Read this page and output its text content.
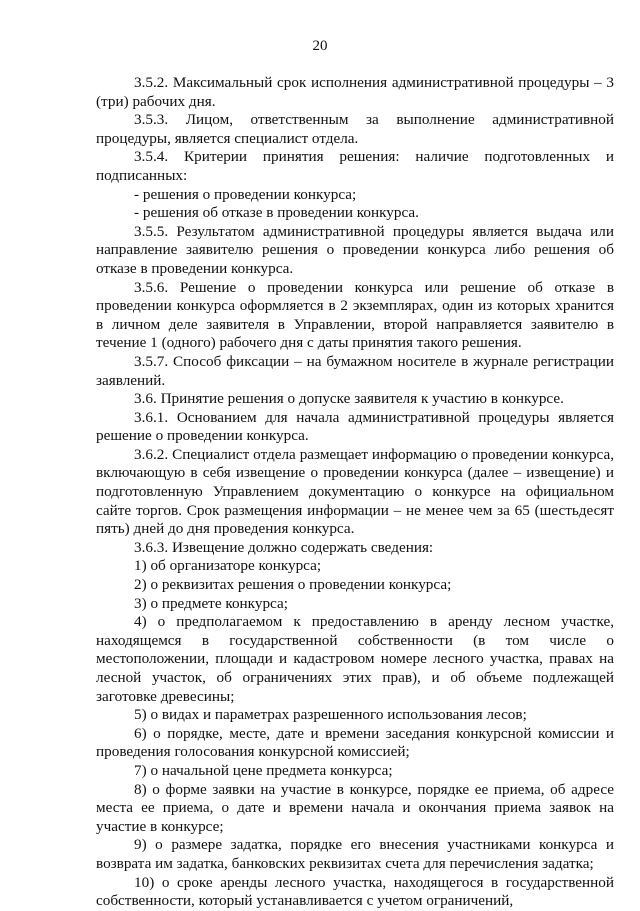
20

3.5.2. Максимальный срок исполнения административной процедуры – 3 (три) рабочих дня.

3.5.3. Лицом, ответственным за выполнение административной процедуры, является специалист отдела.

3.5.4. Критерии принятия решения: наличие подготовленных и подписанных:

- решения о проведении конкурса;

- решения об отказе в проведении конкурса.

3.5.5. Результатом административной процедуры является выдача или направление заявителю решения о проведении конкурса либо решения об отказе в проведении конкурса.

3.5.6. Решение о проведении конкурса или решение об отказе в проведении конкурса оформляется в 2 экземплярах, один из которых хранится в личном деле заявителя в Управлении, второй направляется заявителю в течение 1 (одного) рабочего дня с даты принятия такого решения.

3.5.7. Способ фиксации – на бумажном носителе в журнале регистрации заявлений.

3.6. Принятие решения о допуске заявителя к участию в конкурсе.

3.6.1. Основанием для начала административной процедуры является решение о проведении конкурса.

3.6.2. Специалист отдела размещает информацию о проведении конкурса, включающую в себя извещение о проведении конкурса (далее – извещение) и подготовленную Управлением документацию о конкурсе на официальном сайте торгов. Срок размещения информации – не менее чем за 65 (шестьдесят пять) дней до дня проведения конкурса.

3.6.3. Извещение должно содержать сведения:

1) об организаторе конкурса;

2) о реквизитах решения о проведении конкурса;

3) о предмете конкурса;

4) о предполагаемом к предоставлению в аренду лесном участке, находящемся в государственной собственности (в том числе о местоположении, площади и кадастровом номере лесного участка, правах на лесной участок, об ограничениях этих прав), и об объеме подлежащей заготовке древесины;

5) о видах и параметрах разрешенного использования лесов;

6) о порядке, месте, дате и времени заседания конкурсной комиссии и проведения голосования конкурсной комиссией;

7) о начальной цене предмета конкурса;

8) о форме заявки на участие в конкурсе, порядке ее приема, об адресе места ее приема, о дате и времени начала и окончания приема заявок на участие в конкурсе;

9) о размере задатка, порядке его внесения участниками конкурса и возврата им задатка, банковских реквизитах счета для перечисления задатка;

10) о сроке аренды лесного участка, находящегося в государственной собственности, который устанавливается с учетом ограничений,
